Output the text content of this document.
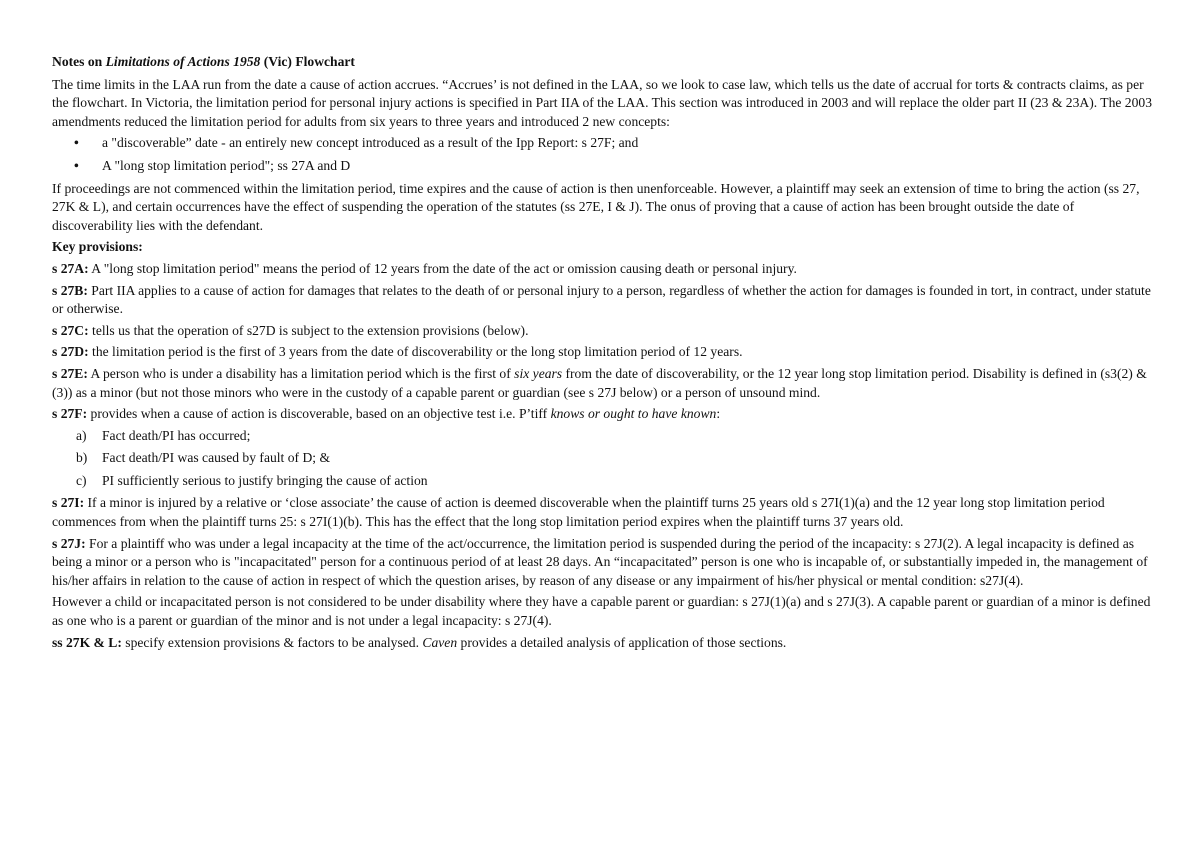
Notes on Limitations of Actions 1958 (Vic) Flowchart

The time limits in the LAA run from the date a cause of action accrues. “Accrues’ is not defined in the LAA, so we look to case law, which tells us the date of accrual for torts & contracts claims, as per the flowchart. In Victoria, the limitation period for personal injury actions is specified in Part IIA of the LAA. This section was introduced in 2003 and will replace the older part II (23 & 23A). The 2003 amendments reduced the limitation period for adults from six years to three years and introduced 2 new concepts:

• a "discoverable” date - an entirely new concept introduced as a result of the Ipp Report: s 27F; and
• A "long stop limitation period"; ss 27A and D

If proceedings are not commenced within the limitation period, time expires and the cause of action is then unenforceable. However, a plaintiff may seek an extension of time to bring the action (ss 27, 27K & L), and certain occurrences have the effect of suspending the operation of the statutes (ss 27E, I & J). The onus of proving that a cause of action has been brought outside the date of discoverability lies with the defendant.

Key provisions:

s 27A: A "long stop limitation period" means the period of 12 years from the date of the act or omission causing death or personal injury.

s 27B: Part IIA applies to a cause of action for damages that relates to the death of or personal injury to a person, regardless of whether the action for damages is founded in tort, in contract, under statute or otherwise.

s 27C: tells us that the operation of s27D is subject to the extension provisions (below).

s 27D: the limitation period is the first of 3 years from the date of discoverability or the long stop limitation period of 12 years.

s 27E: A person who is under a disability has a limitation period which is the first of six years from the date of discoverability, or the 12 year long stop limitation period. Disability is defined in (s3(2) & (3)) as a minor (but not those minors who were in the custody of a capable parent or guardian (see s 27J below) or a person of unsound mind.

s 27F: provides when a cause of action is discoverable, based on an objective test i.e. P’tiff knows or ought to have known:

a) Fact death/PI has occurred;
b) Fact death/PI was caused by fault of D; &
c) PI sufficiently serious to justify bringing the cause of action

s 27I: If a minor is injured by a relative or ‘close associate’ the cause of action is deemed discoverable when the plaintiff turns 25 years old s 27I(1)(a) and the 12 year long stop limitation period commences from when the plaintiff turns 25: s 27I(1)(b). This has the effect that the long stop limitation period expires when the plaintiff turns 37 years old.

s 27J: For a plaintiff who was under a legal incapacity at the time of the act/occurrence, the limitation period is suspended during the period of the incapacity: s 27J(2). A legal incapacity is defined as being a minor or a person who is "incapacitated" person for a continuous period of at least 28 days. An “incapacitated” person is one who is incapable of, or substantially impeded in, the management of his/her affairs in relation to the cause of action in respect of which the question arises, by reason of any disease or any impairment of his/her physical or mental condition: s27J(4).

However a child or incapacitated person is not considered to be under disability where they have a capable parent or guardian: s 27J(1)(a) and s 27J(3). A capable parent or guardian of a minor is defined as one who is a parent or guardian of the minor and is not under a legal incapacity: s 27J(4).

ss 27K & L: specify extension provisions & factors to be analysed. Caven provides a detailed analysis of application of those sections.
